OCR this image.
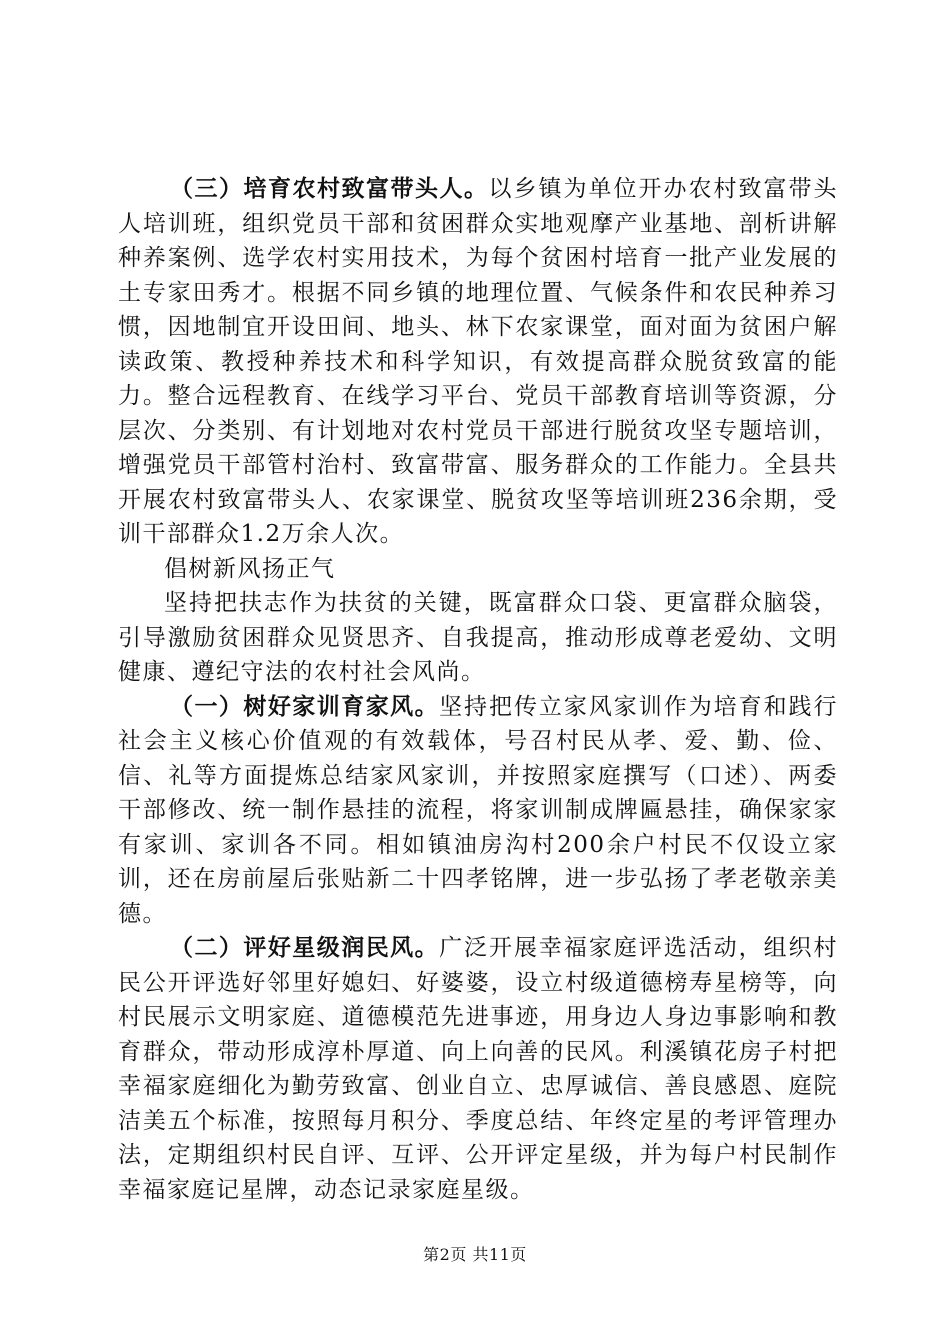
（三）培育农村致富带头人。以乡镇为单位开办农村致富带头人培训班，组织党员干部和贫困群众实地观摩产业基地、剖析讲解种养案例、选学农村实用技术，为每个贫困村培育一批产业发展的土专家田秀才。根据不同乡镇的地理位置、气候条件和农民种养习惯，因地制宜开设田间、地头、林下农家课堂，面对面为贫困户解读政策、教授种养技术和科学知识，有效提高群众脱贫致富的能力。整合远程教育、在线学习平台、党员干部教育培训等资源，分层次、分类别、有计划地对农村党员干部进行脱贫攻坚专题培训，增强党员干部管村治村、致富带富、服务群众的工作能力。全县共开展农村致富带头人、农家课堂、脱贫攻坚等培训班236余期，受训干部群众1.2万余人次。

倡树新风扬正气

坚持把扶志作为扶贫的关键，既富群众口袋、更富群众脑袋，引导激励贫困群众见贤思齐、自我提高，推动形成尊老爱幼、文明健康、遵纪守法的农村社会风尚。

（一）树好家训育家风。坚持把传立家风家训作为培育和践行社会主义核心价值观的有效载体，号召村民从孝、爱、勤、俭、信、礼等方面提炼总结家风家训，并按照家庭撰写（口述）、两委干部修改、统一制作悬挂的流程，将家训制成牌匾悬挂，确保家家有家训、家训各不同。相如镇油房沟村200余户村民不仅设立家训，还在房前屋后张贴新二十四孝铭牌，进一步弘扬了孝老敬亲美德。

（二）评好星级润民风。广泛开展幸福家庭评选活动，组织村民公开评选好邻里好媳妇、好婆婆，设立村级道德榜寿星榜等，向村民展示文明家庭、道德模范先进事迹，用身边人身边事影响和教育群众，带动形成淳朴厚道、向上向善的民风。利溪镇花房子村把幸福家庭细化为勤劳致富、创业自立、忠厚诚信、善良感恩、庭院洁美五个标准，按照每月积分、季度总结、年终定星的考评管理办法，定期组织村民自评、互评、公开评定星级，并为每户村民制作幸福家庭记星牌，动态记录家庭星级。

第2页 共11页
